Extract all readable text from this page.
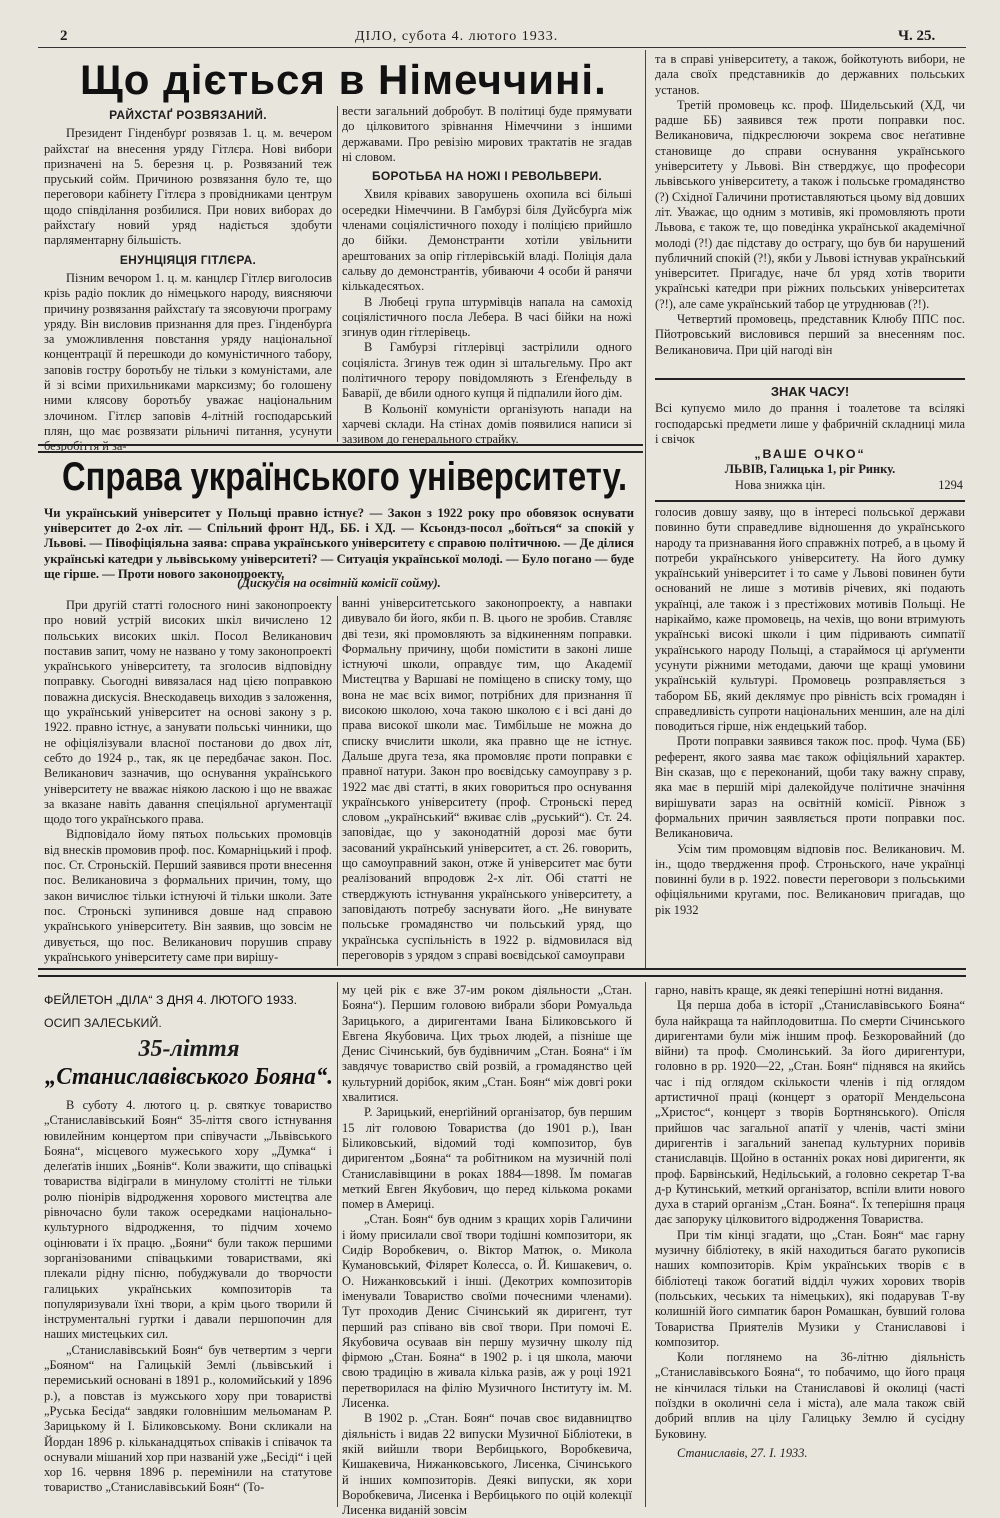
2	ДІЛО, субота 4. лютого 1933.	Ч. 25.
Що діється в Німеччині.
РАЙХСТАҐ РОЗВЯЗАНИЙ.

Президент Гінденбурґ розвязав 1. ц. м. вечером райхстаґ на внесення уряду Гітлєра. Нові вибори призначені на 5. березня ц. р. Розвязаний теж пруський сойм. Причиною розвязання було те, що переговори кабінету Гітлєра з провідниками центрум щодо співділання розбилися. При нових виборах до райхстаґу новий уряд надіється здобути парляментарну більшість.

ЕНУНЦІЯЦІЯ ГІТЛЄРА.

Пізним вечором 1. ц. м. канцлєр Гітлєр виголосив крізь радіо поклик до німецького народу, виясняючи причину розвязання райхстаґу та зясовуючи програму уряду. Він висловив признання для през. Гінденбурґа за уможливлення повстання уряду національної концентрації й перешкоди до комуністичного табору, заповів гостру боротьбу не тільки з комуністами, але й зі всіми прихильниками марксизму; бо голошену ними клясову боротьбу уважає національним злочином. Гітлєр заповів 4-літній господарський плян, що має розвязати рільничі питання, усунути безробіття й за-

вести загальний добробут. В політиці буде прямувати до цілковитого зрівнання Німеччини з іншими державами. Про ревізію мирових трактатів не згадав ні словом.

БОРОТЬБА НА НОЖІ І РЕВОЛЬВЕРИ.

Хвиля крівавих заворушень охопила всі більші осередки Німеччини. В Гамбурзі біля Дуйсбурґа між членами соціялістичного походу і поліцією прийшло до бійки. Демонстранти хотіли увільнити арештованих за опір гітлерівській владі. Поліція дала сальву до демонстрантів, убиваючи 4 особи й ранячи кількадесятьох.

В Любеці група штурмівців напала на самохід соціялістичного посла Лебера. В часі бійки на ножі згинув один гітлерівець.

В Гамбурзі гітлерівці застрілили одного соціяліста. Згинув теж один зі штальгельму. Про акт політичного терору повідомляють з Еґенфельду в Баварії, де вбили одного купця й підпалили його дім.

В Кольонії комуністи організують напади на харчеві склади. На стінах домів появилися написи зі зазивом до генерального страйку.

та в справі університету, а також, бойкотують вибори, не дала своїх представників до державних польських установ.

Третій промовець кс. проф. Шидельський (ХД, чи радше ББ) заявився теж проти поправки пос. Великановича, підкреслюючи зокрема своє неґативне становище до справи оснування українського університету у Львові. Він стверджує, що професори львівського університету, а також і польське громадянство (?) Східної Галичини протиставляються цьому від довших літ. Уважає, що одним з мотивів, які промовляють проти Львова, є також те, що поведінка української академічної молоді (?!) дає підставу до острагу, що був би нарушений публичний спокій (?!), якби у Львові істнував український університет. Пригадує, наче бл уряд хотів творити українські катедри при ріжних польських університетах (?!), але саме український табор це утруднював (?!).

Четвертий промовець, представник Клюбу ППС пос. Пйотровський висловився перший за внесенням пос. Великановича. При цій нагоді він

ЗНАК ЧАСУ!
Всі купуємо мило до прання і тоалетове та всілякі господарські предмети лише у фабричній складниці мила і свічок
„ВАШЕ ОЧКО“
ЛЬВІВ, Галицька 1, ріг Ринку.
Нова знижка цін.	1294
Справа українського університету.
Чи український університет у Польщі правно істнує? — Закон з 1922 року про обовязок оснувати університет до 2-ох літ. — Спільний фронт НД., ББ. і ХД. — Ксьондз-посол „боїться“ за спокій у Львові. — Півофіціяльна заява: справа українського університету є справою політичною. — Де ділися українські катедри у львівському університеті? — Ситуація української молоді. — Було погано — буде ще гірше. — Проти нового законопроекту.
(Дискусія на освітній комісії сойму).

При другій статті голосного нині законопроекту про новий устрій високих шкіл вичислено 12 польських високих шкіл. Посол Великанович поставив запит, чому не названо у тому законопроекті українського університету, та зголосив відповідну поправку. Сьогодні вивязалася над цією поправкою поважна дискусія. Внескодавець виходив з заложення, що український університет на основі закону з р. 1922. правно істнує, а занувати польські чинники, що не офіціялізували власної постанови до двох літ, себто до 1924 р., так, як це передбачає закон. Пос. Великанович зазначив, що оснування українського університету не вважає ніякою ласкою і що не вважає за вказане навіть давання спеціяльної арґументації щодо того українського права.

Відповідало йому пятьох польських промовців від внесків промовив проф. пос. Комарніцький і проф. пос. Ст. Строньскій. Перший заявився проти внесення пос. Великановича з формальних причин, тому, що закон вичислює тільки істнуючі й тільки школи. Зате пос. Строньскі зупинився довше над справою українського університету. Він заявив, що зовсім не дивується, що пос. Великанович порушив справу українського університету саме при вирішу-

ванні університетського законопроекту, а навпаки дивувало би його, якби п. В. цього не зробив. Ставляє дві тези, які промовляють за відкиненням поправки. Формальну причину, щоби помістити в законі лише істнуючі школи, оправдує тим, що Академії Мистецтва у Варшаві не поміщено в списку тому, що вона не має всіх вимог, потрібних для признання її високою школою, хоча такою школою є і всі дані до права високої школи має. Тимбільше не можна до списку вчислити школи, яка правно ще не істнує. Дальше друга теза, яка промовляє проти поправки є правної натури. Закон про воєвідську самоуправу з р. 1922 має дві статті, в яких говориться про оснування українського університету (проф. Строньскі перед словом „український“ вживає слів „руський“). Ст. 24. заповідає, що у законодатній дорозі має бути засований український університет, а ст. 26. говорить, що самоуправний закон, отже й університет має бути реалізований впродовж 2-х літ. Обі статті не стверджують істнування українського університету, а заповідають потребу заснувати його. „Не винувате польське громадянство чи польський уряд, що українська суспільність в 1922 р. відмовилася від переговорів з урядом з справі воєвідської самоуправи

голосив довшу заяву, що в інтересі польської держави повинно бути справедливе відношення до українського народу та признавання його справжніх потреб, а в цьому й потреби українського університету. На його думку український університет і то саме у Львові повинен бути оснований не лише з мотивів річевих, які подають українці, але також і з престіжових мотивів Польщі. Не нарікаймо, каже промовець, на чехів, що вони втримують українські високі школи і цим підривають симпатії українського народу Польщі, а стараймося ці арґументи усунути ріжними методами, даючи ще кращі умовини українській культурі. Промовець розправляється з табором ББ, який деклямує про рівність всіх громадян і справедливість супроти національних меншин, але на ділі поводиться гірше, ніж ендецький табор.

Проти поправки заявився також пос. проф. Чума (ББ) референт, якого заява має також офіціяльний характер. Він сказав, що є переконаний, щоби таку важну справу, яка має в першій мірі далекойдуче політичне значіння вирішувати зараз на освітній комісії. Рівнож з формальних причин заявляється проти поправки пос. Великановича.

Усім тим промовцям відповів пос. Великанович. М. ін., щодо твердження проф. Строньского, наче українці повинні були в р. 1922. повести переговори з польськими офіціяльними кругами, пос. Великанович пригадав, що рік 1932

ФЕЙЛЕТОН „ДІЛА“ З ДНЯ 4. ЛЮТОГО 1933.
ОСИП ЗАЛЕСЬКИЙ.
35-ліття
„Станиславівського Бояна“.

В суботу 4. лютого ц. р. святкує товариство „Станиславівський Боян“ 35-ліття свого істнування ювилейним концертом при співучасти „Львівського Бояна“, місцевого мужеського хору „Думка“ і делеґатів інших „Боянів“. Коли зважити, що співацькі товариства відіграли в минулому столітті не тільки ролю піонірів відродження хорового мистецтва але рівночасно були також осередками національно-культурного відродження, то підчим хочемо оцінювати і їх працю. „Бояни“ були також першими зорганізованими співацькими товариствами, які плекали рідну пісню, побуджували до творчости галицьких українських композиторів та популяризували їхні твори, а крім цього творили й інструментальні гуртки і давали першопочин для наших мистецьких сил.

„Станиславівський Боян“ був четвертим з черги „Бояном“ на Галицькій Землі (львівський і перемиський основані в 1891 р., коломийський у 1896 р.), а повстав із мужського хору при товаристві „Руська Бесіда“ завдяки головнішим мельоманам Р. Зарицькому й І. Біликовському. Вони скликали на Йордан 1896 р. кільканадцятьох співаків і співачок та оснували мішаний хор при названій уже „Бесіді“ і цей хор 16. червня 1896 р. перемінили на статутове товариство „Станиславівський Боян“ (То-

му цей рік є вже 37-им роком діяльности „Стан. Бояна“). Першим головою вибрали збори Ромуальда Зарицького, а диригентами Івана Біликовського й Евгена Якубовича. Цих трьох людей, а пізніше ще Денис Січинський, був будівничим „Стан. Бояна“ і їм завдячує товариство свій розвій, а громадянство цей культурний дорібок, яким „Стан. Боян“ між довгі роки хвалитися.

Р. Зарицький, енерґійний організатор, був першим 15 літ головою Товариства (до 1901 р.), Іван Біликовський, відомий тоді композитор, був диригентом „Бояна“ та робітником на музичній полі Станиславівщини в роках 1884—1898. Їм помагав меткий Евген Якубович, що перед кількома роками помер в Америці.

„Стан. Боян“ був одним з кращих хорів Галичини і йому присилали свої твори тодішні композитори, як Сидір Воробкевич, о. Віктор Матюк, о. Микола Кумановський, Філярет Колесса, о. Й. Кишакевич, о. О. Нижанковський і інші. (Декотрих композиторів іменували Товариство своїми почесними членами). Тут проходив Денис Січинський як диригент, тут перший раз співано вів свої твори. При помочі Е. Якубовича осуваав він першу музичну школу під фірмою „Стан. Бояна“ в 1902 р. і ця школа, маючи свою традицію в живала кілька разів, аж у році 1921 перетворилася на філію Музичного Інституту ім. М. Лисенка.

В 1902 р. „Стан. Боян“ почав своє видавництво діяльність і видав 22 випуски Музичної Бібліотеки, в якій вийшли твори Вербицького, Воробкевича, Кишакевича, Нижанковського, Лисенка, Січинського й інших композиторів. Деякі випуски, як хори Воробкевича, Лисенка і Вербицького по оцій колекції Лисенка виданій зовсім

гарно, навіть краще, як деякі теперішні нотні видання.

Ця перша доба в історії „Станиславівського Бояна“ була найкраща та найплодовитша. По смерти Січинського диригентами були між іншим проф. Безкоровайний (до війни) та проф. Смолинський. За його диригентури, головно в рр. 1920—22, „Стан. Боян“ піднявся на якийсь час і під оглядом скількости членів і під оглядом артистичної праці (концерт з ораторії Мендельсона „Христос“, концерт з творів Бортнянського). Опісля прийшов час загальної апатії у членів, часті зміни диригентів і загальний занепад культурних поривів станиславців. Щойно в останніх роках нові диригенти, як проф. Барвінський, Недільський, а головно секретар Т-ва д-р Кутинський, меткий організатор, вспіли влити нового духа в старий організм „Стан. Бояна“. Їх теперішня праця дає запоруку цілковитого відродження Товариства.

При тім кінці згадати, що „Стан. Боян“ має гарну музичну бібліотеку, в якій находиться багато рукописів наших композиторів. Крім українських творів є в бібліотеці також богатий відділ чужих хорових творів (польських, чеських та німецьких), які подарував Т-ву колишній його симпатик барон Ромашкан, бувший голова Товариства Приятелів Музики у Станиславові і композитор.

Коли поглянемо на 36-літню діяльність „Станиславівського Бояна“, то побачимо, що його праця не кінчилася тільки на Станиславові й околиці (часті поїздки в околичні села і міста), але мала також свій добрий вплив на цілу Галицьку Землю й сусідну Буковину.

Станиславів, 27. І. 1933.
